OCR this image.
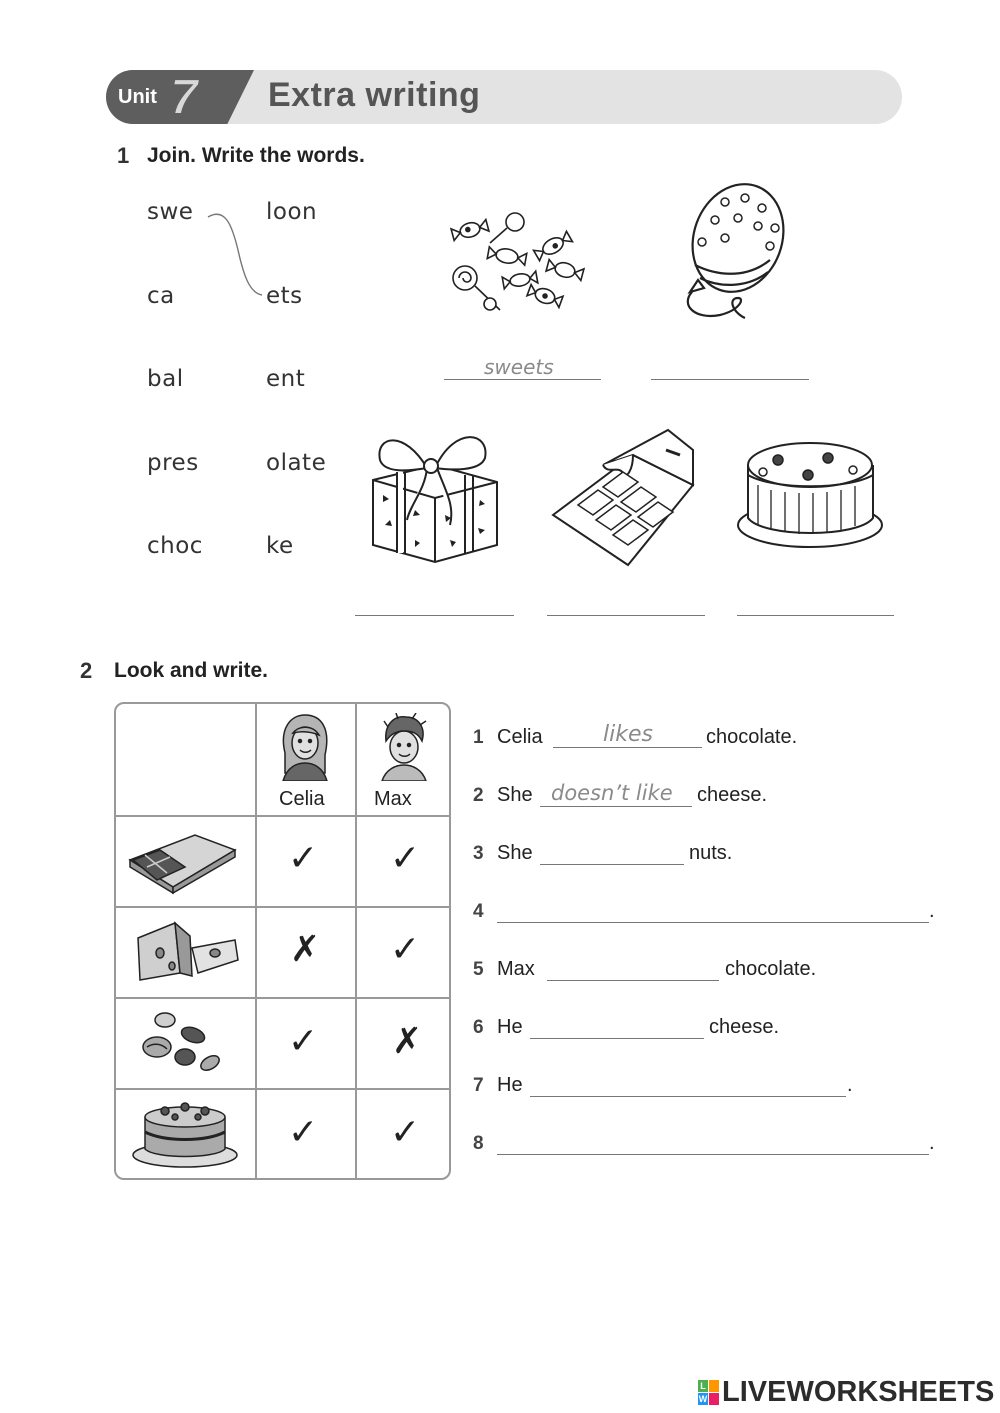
Unit 7 Extra writing
1 Join. Write the words.
swe
ca
bal
pres
choc
loon
ets
ent
olate
ke
sweets
2 Look and write.
Celia Max
✓ ✓
✗ ✓
✓ ✗
✓ ✓
1 Celia	likes	chocolate.
2 She doesn’t like cheese.
3 She	nuts.
4	.
5 Max	chocolate.
6 He	cheese.
7 He	.
8	.
L
W LIVEWORKSHEETS
